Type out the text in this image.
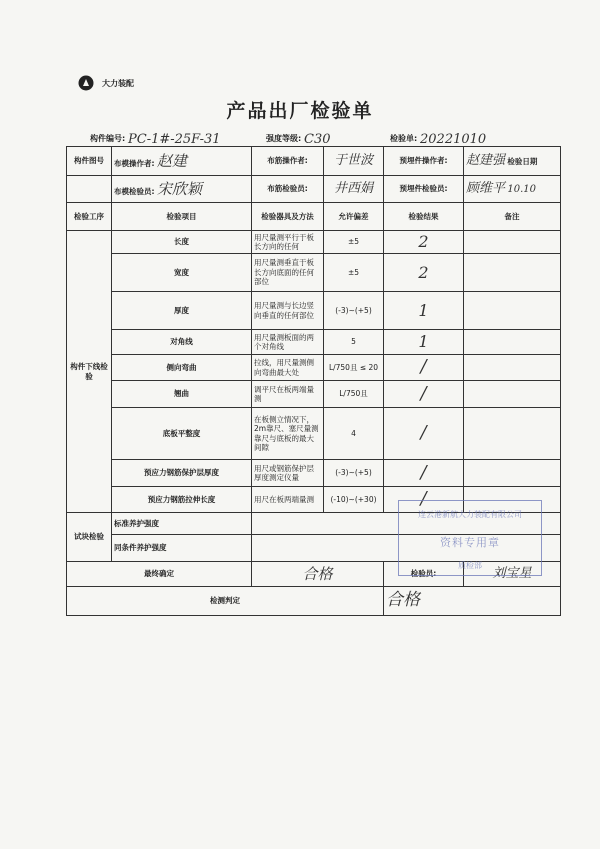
大力装配
产品出厂检验单
构件编号: PC-1#-25F-31	强度等级: C30	检验单: 20221010
构件图号	布模操作者: 赵建	布筋操作者:	于世波	预埋件操作者:	赵建强 检验日期
	布模检验员: 宋欣颖	布筋检验员:	井西娟	预埋件检验员:	顾维平 10.10
检验工序	检验项目	检验器具及方法	允许偏差	检验结果	备注
构件下线检验	长度	用尺量测平行于板长方向的任何	±5	2	
	宽度	用尺量测垂直于板长方向底面的任何部位	±5	2	
	厚度	用尺量测与长边竖向垂直的任何部位	(-3)~(+5)	1	
	对角线	用尺量测板面的两个对角线	5	1	
	侧向弯曲	拉线，用尺量测侧向弯曲最大处	L/750且 ≤ 20	/	
	翘曲	调平尺在板两端量测	L/750且	/	
	底板平整度	在板侧立情况下，2m靠尺、塞尺量测靠尺与底板的最大间隙	4	/	
	预应力钢筋保护层厚度	用尺或钢筋保护层厚度测定仪量	(-3)~(+5)	/	
	预应力钢筋拉伸长度	用尺在板两端量测	(-10)~(+30)	/	
试块检验	标准养护强度				
	同条件养护强度				
最终确定		合格		检验员:	刘宝星
检测判定				合格	
连云港新航大力装配有限公司
资料专用章
质检部
